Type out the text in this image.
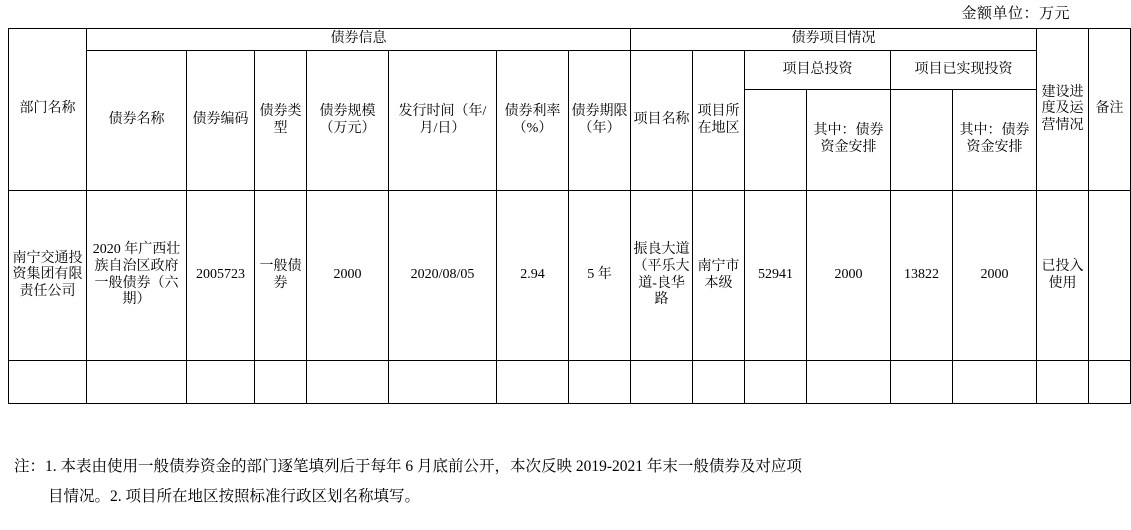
金额单位：万元
部门名称	债券信息							债券项目情况						建设进度及运营情况	备注
	债券名称	债券编码	债券类型	债券规模（万元）	发行时间（年/月/日）	债券利率（%）	债券期限（年）	项目名称	项目所在地区	项目总投资		项目已实现投资			
											其中：债券资金安排		其中：债券资金安排		

南宁交通投资集团有限责任公司	2020 年广西壮族自治区政府一般债券（六期）	2005723	一般债券	2000	2020/08/05	2.94	5 年	振良大道（平乐大道-良华路	南宁市本级	52941	2000	13822	2000	已投入使用	

注：1. 本表由使用一般债券资金的部门逐笔填列后于每年 6 月底前公开，本次反映 2019-2021 年末一般债券及对应项
目情况。2. 项目所在地区按照标准行政区划名称填写。
